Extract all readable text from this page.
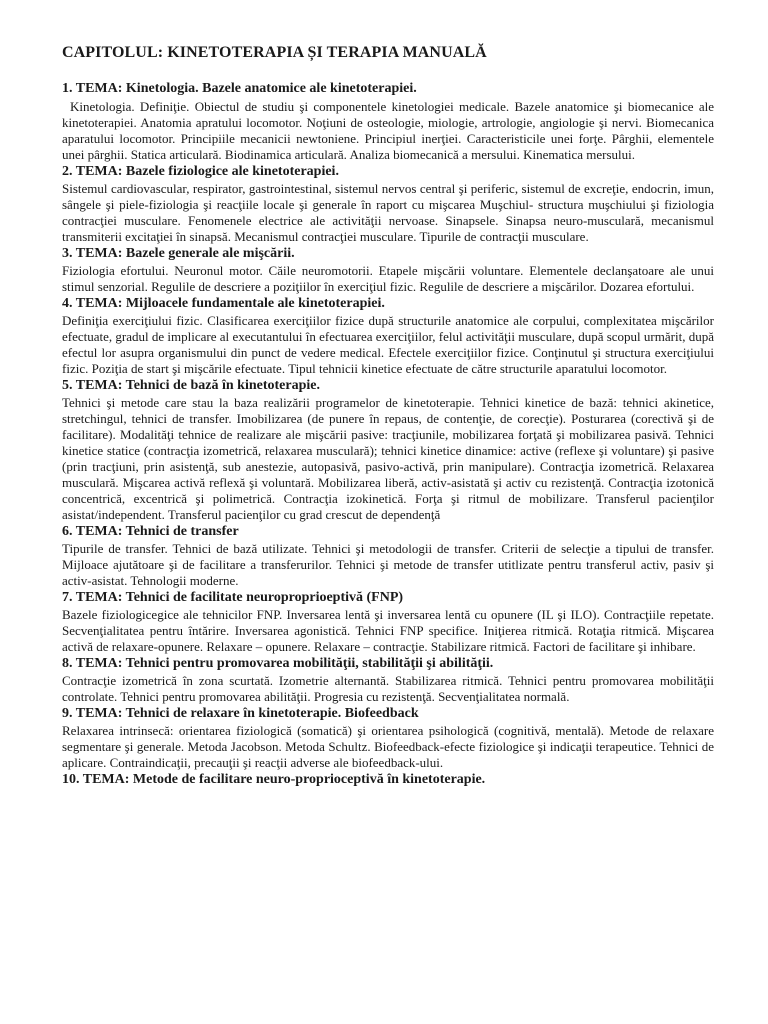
CAPITOLUL: KINETOTERAPIA ȘI TERAPIA MANUALĂ
1. TEMA: Kinetologia. Bazele anatomice ale kinetoterapiei.

Kinetologia. Definiţie. Obiectul de studiu şi componentele kinetologiei medicale. Bazele anatomice şi biomecanice ale kinetoterapiei. Anatomia apratului locomotor. Noţiuni de osteologie, miologie, artrologie, angiologie şi nervi. Biomecanica aparatului locomotor. Principiile mecanicii newtoniene. Principiul inerţiei. Caracteristicile unei forţe. Pârghii, elementele unei pârghii. Statica articulară. Biodinamica articulară. Analiza biomecanică a mersului. Kinematica mersului.

2. TEMA: Bazele fiziologice ale kinetoterapiei.

Sistemul cardiovascular, respirator, gastrointestinal, sistemul nervos central şi periferic, sistemul de excreţie, endocrin, imun, sângele şi piele-fiziologia şi reacţiile locale şi generale în raport cu mişcarea Muşchiul- structura muşchiului şi fiziologia contracţiei musculare. Fenomenele electrice ale activităţii nervoase. Sinapsele. Sinapsa neuro-musculară, mecanismul transmiterii excitaţiei în sinapsă. Mecanismul contracţiei musculare. Tipurile de contracţii musculare.

3. TEMA: Bazele generale ale mişcării.

Fiziologia efortului. Neuronul motor. Căile neuromotorii. Etapele mişcării voluntare. Elementele declanşatoare ale unui stimul senzorial. Regulile de descriere a poziţiilor în exerciţiul fizic. Regulile de descriere a mişcărilor. Dozarea efortului.

4. TEMA: Mijloacele fundamentale ale kinetoterapiei.

Definiţia exerciţiului fizic. Clasificarea exerciţiilor fizice după structurile anatomice ale corpului, complexitatea mişcărilor efectuate, gradul de implicare al executantului în efectuarea exerciţiilor, felul activităţii musculare, după scopul urmărit, după efectul lor asupra organismului din punct de vedere medical. Efectele exerciţiilor fizice. Conţinutul şi structura exerciţiului fizic. Poziţia de start şi mişcările efectuate. Tipul tehnicii kinetice efectuate de către structurile aparatului locomotor.

5. TEMA: Tehnici de bază în kinetoterapie.

Tehnici şi metode care stau la baza realizării programelor de kinetoterapie. Tehnici kinetice de bază: tehnici akinetice, stretchingul, tehnici de transfer. Imobilizarea (de punere în repaus, de contenţie, de corecţie). Posturarea (corectivă şi de facilitare). Modalităţi tehnice de realizare ale mişcării pasive: tracţiunile, mobilizarea forţată şi mobilizarea pasivă. Tehnici kinetice statice (contracţia izometrică, relaxarea musculară); tehnici kinetice dinamice: active (reflexe şi voluntare) şi pasive (prin tracţiuni, prin asistenţă, sub anestezie, autopasivă, pasivo-activă, prin manipulare). Contracţia izometrică. Relaxarea musculară. Mişcarea activă reflexă şi voluntară. Mobilizarea liberă, activ-asistată şi activ cu rezistenţă. Contracţia izotonică concentrică, excentrică şi polimetrică. Contracţia izokinetică. Forţa şi ritmul de mobilizare. Transferul pacienţilor asistat/independent. Transferul pacienţilor cu grad crescut de dependenţă

6. TEMA: Tehnici de transfer

Tipurile de transfer. Tehnici de bază utilizate. Tehnici şi metodologii de transfer. Criterii de selecţie a tipului de transfer. Mijloace ajutătoare şi de facilitare a transferurilor. Tehnici şi metode de transfer utitlizate pentru transferul activ, pasiv şi activ-asistat. Tehnologii moderne.

7. TEMA: Tehnici de facilitate neuroproprioeptivă (FNP)

Bazele fiziologicegice ale tehnicilor FNP. Inversarea lentă şi inversarea lentă cu opunere (IL şi ILO). Contracţiile repetate. Secvenţialitatea pentru întărire. Inversarea agonistică. Tehnici FNP specifice. Iniţierea ritmică. Rotaţia ritmică. Mişcarea activă de relaxare-opunere. Relaxare – opunere. Relaxare – contracţie. Stabilizare ritmică. Factori de facilitare şi inhibare.

8. TEMA: Tehnici pentru promovarea mobilităţii, stabilităţii şi abilităţii.

Contracţie izometrică în zona scurtată. Izometrie alternantă. Stabilizarea ritmică. Tehnici pentru promovarea mobilităţii controlate. Tehnici pentru promovarea abilităţii. Progresia cu rezistenţă. Secvenţialitatea normală.

9. TEMA: Tehnici de relaxare în kinetoterapie. Biofeedback

Relaxarea intrinsecă: orientarea fiziologică (somatică) şi orientarea psihologică (cognitivă, mentală). Metode de relaxare segmentare şi generale. Metoda Jacobson. Metoda Schultz. Biofeedback-efecte fiziologice şi indicaţii terapeutice. Tehnici de aplicare. Contraindicaţii, precauţii şi reacţii adverse ale biofeedback-ului.

10. TEMA: Metode de facilitare neuro-proprioceptivă în kinetoterapie.
